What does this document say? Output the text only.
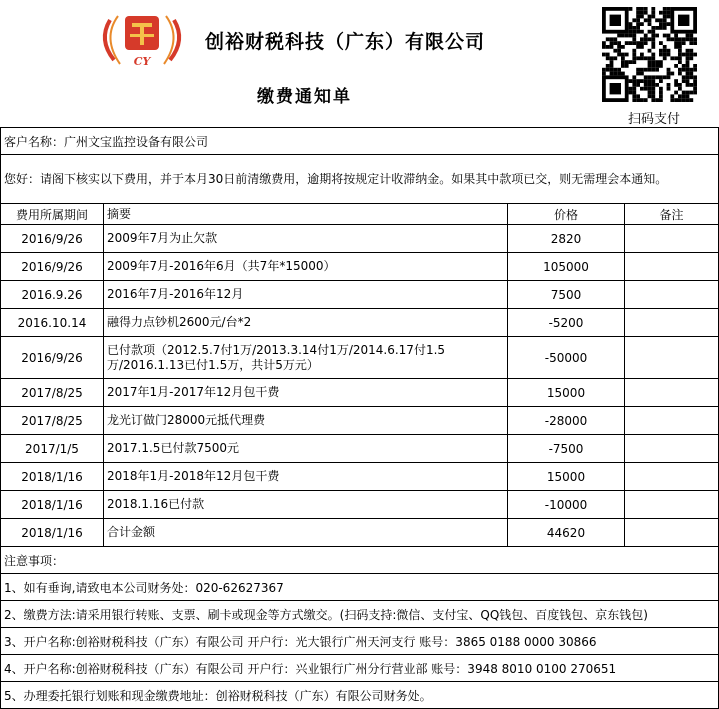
CY
创裕财税科技（广东）有限公司
缴费通知单
扫码支付
客户名称：广州文宝监控设备有限公司			
您好：请阁下核实以下费用，并于本月30日前清缴费用，逾期将按规定计收滞纳金。如果其中款项已交，则无需理会本通知。			
费用所属期间	摘要	价格	备注
2016/9/26	2009年7月为止欠款	2820	
2016/9/26	2009年7月-2016年6月（共7年*15000）	105000	
2016.9.26	2016年7月-2016年12月	7500	
2016.10.14	融得力点钞机2600元/台*2	-5200	
2016/9/26	已付款项（2012.5.7付1万/2013.3.14付1万/2014.6.17付1.5万/2016.1.13已付1.5万，共计5万元）	-50000	
2017/8/25	2017年1月-2017年12月包干费	15000	
2017/8/25	龙光订做门28000元抵代理费	-28000	
2017/1/5	2017.1.5已付款7500元	-7500	
2018/1/16	2018年1月-2018年12月包干费	15000	
2018/1/16	2018.1.16已付款	-10000	
2018/1/16	合计金额	44620	
注意事项：			
1、如有垂询,请致电本公司财务处：020-62627367			
2、缴费方法:请采用银行转账、支票、刷卡或现金等方式缴交。(扫码支持:微信、支付宝、QQ钱包、百度钱包、京东钱包)			
3、开户名称:创裕财税科技（广东）有限公司 开户行：光大银行广州天河支行 账号：3865 0188 0000 30866			
4、开户名称:创裕财税科技（广东）有限公司 开户行：兴业银行广州分行营业部 账号：3948 8010 0100 270651			
5、办理委托银行划账和现金缴费地址：创裕财税科技（广东）有限公司财务处。			
